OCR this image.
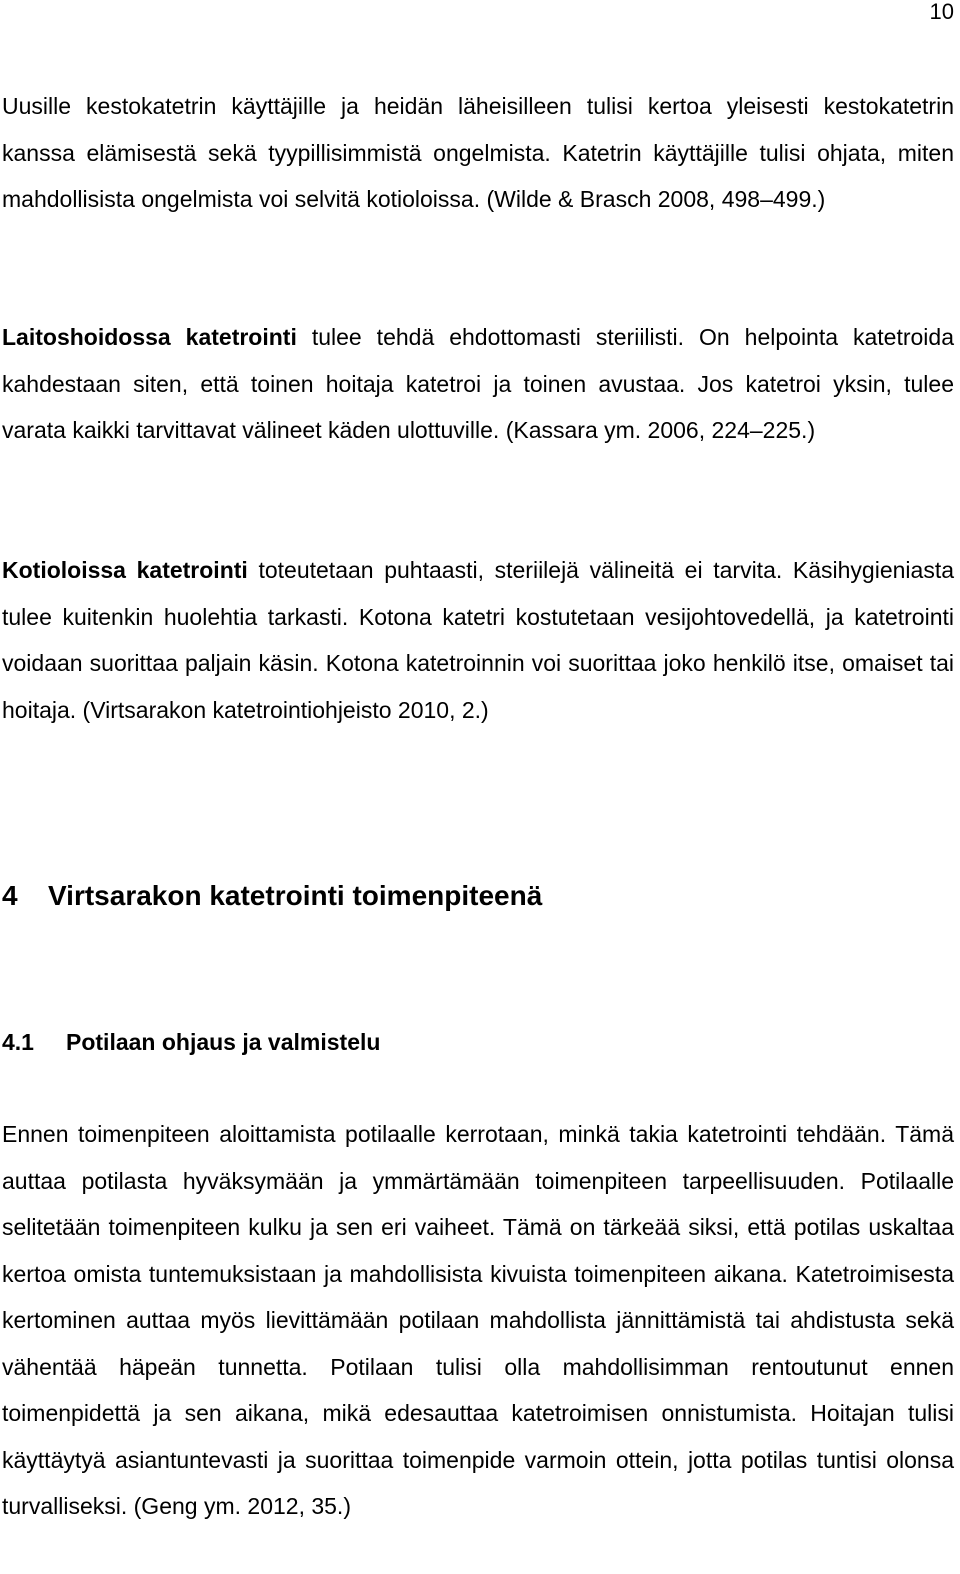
10

Uusille kestokatetrin käyttäjille ja heidän läheisilleen tulisi kertoa yleisesti kestokatetrin kanssa elämisestä sekä tyypillisimmistä ongelmista. Katetrin käyttäjille tulisi ohjata, miten mahdollisista ongelmista voi selvitä kotioloissa. (Wilde & Brasch 2008, 498–499.)

Laitoshoidossa katetrointi tulee tehdä ehdottomasti steriilisti. On helpointa katetroida kahdestaan siten, että toinen hoitaja katetroi ja toinen avustaa. Jos katetroi yksin, tulee varata kaikki tarvittavat välineet käden ulottuville. (Kassara ym. 2006, 224–225.)

Kotioloissa katetrointi toteutetaan puhtaasti, steriilejä välineitä ei tarvita. Käsihygieniasta tulee kuitenkin huolehtia tarkasti. Kotona katetri kostutetaan vesijohtovedellä, ja katetrointi voidaan suorittaa paljain käsin. Kotona katetroinnin voi suorittaa joko henkilö itse, omaiset tai hoitaja. (Virtsarakon katetrointiohjeisto 2010, 2.)

4 Virtsarakon katetrointi toimenpiteenä
4.1 Potilaan ohjaus ja valmistelu

Ennen toimenpiteen aloittamista potilaalle kerrotaan, minkä takia katetrointi tehdään. Tämä auttaa potilasta hyväksymään ja ymmärtämään toimenpiteen tarpeellisuuden. Potilaalle selitetään toimenpiteen kulku ja sen eri vaiheet. Tämä on tärkeää siksi, että potilas uskaltaa kertoa omista tuntemuksistaan ja mahdollisista kivuista toimenpiteen aikana. Katetroimisesta kertominen auttaa myös lievittämään potilaan mahdollista jännittämistä tai ahdistusta sekä vähentää häpeän tunnetta. Potilaan tulisi olla mahdollisimman rentoutunut ennen toimenpidettä ja sen aikana, mikä edesauttaa katetroimisen onnistumista. Hoitajan tulisi käyttäytyä asiantuntevasti ja suorittaa toimenpide varmoin ottein, jotta potilas tuntisi olonsa turvalliseksi. (Geng ym. 2012, 35.)
